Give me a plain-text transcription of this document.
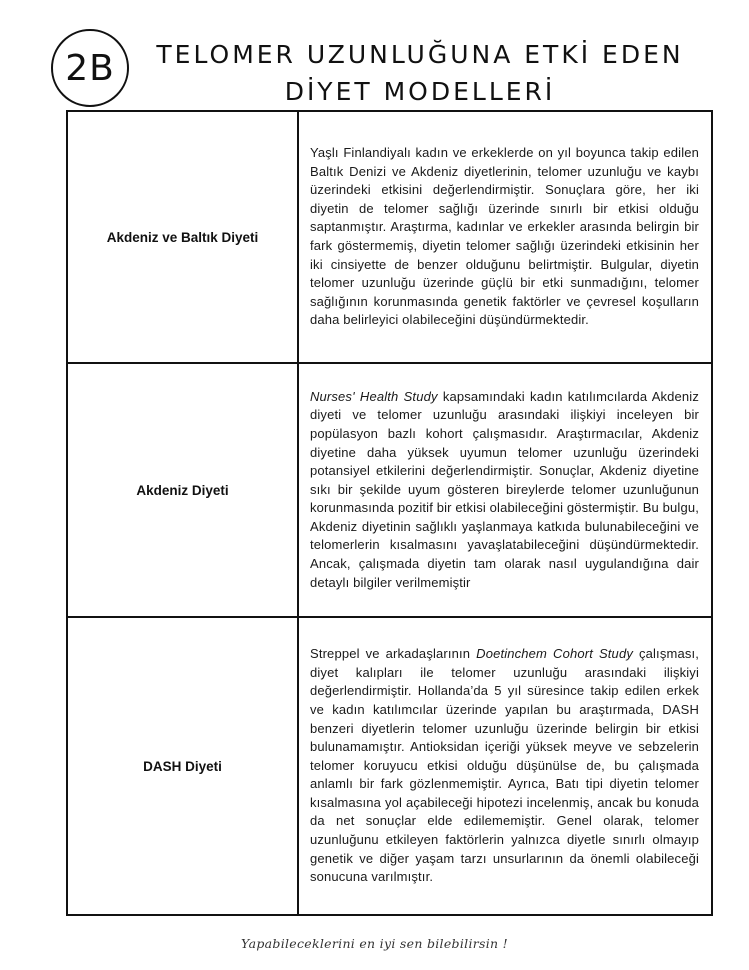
2B	TELOMER UZUNLUĞUNA ETKİ EDEN
DİYET MODELLERİ
Akdeniz ve Baltık Diyeti	Yaşlı Finlandiyalı kadın ve erkeklerde on yıl boyunca takip edilen Baltık Denizi ve Akdeniz diyetlerinin, telomer uzunluğu ve kaybı üzerindeki etkisini değerlendirmiştir. Sonuçlara göre, her iki diyetin de telomer sağlığı üzerinde sınırlı bir etkisi olduğu saptanmıştır. Araştırma, kadınlar ve erkekler arasında belirgin bir fark göstermemiş, diyetin telomer sağlığı üzerindeki etkisinin her iki cinsiyette de benzer olduğunu belirtmiştir. Bulgular, diyetin telomer uzunluğu üzerinde güçlü bir etki sunmadığını, telomer sağlığının korunmasında genetik faktörler ve çevresel koşulların daha belirleyici olabileceğini düşündürmektedir.

Akdeniz Diyeti	Nurses' Health Study kapsamındaki kadın katılımcılarda Akdeniz diyeti ve telomer uzunluğu arasındaki ilişkiyi inceleyen bir popülasyon bazlı kohort çalışmasıdır. Araştırmacılar, Akdeniz diyetine daha yüksek uyumun telomer uzunluğu üzerindeki potansiyel etkilerini değerlendirmiştir. Sonuçlar, Akdeniz diyetine sıkı bir şekilde uyum gösteren bireylerde telomer uzunluğunun korunmasında pozitif bir etkisi olabileceğini göstermiştir. Bu bulgu, Akdeniz diyetinin sağlıklı yaşlanmaya katkıda bulunabileceğini ve telomerlerin kısalmasını yavaşlatabileceğini düşündürmektedir. Ancak, çalışmada diyetin tam olarak nasıl uygulandığına dair detaylı bilgiler verilmemiştir

DASH Diyeti	Streppel ve arkadaşlarının Doetinchem Cohort Study çalışması, diyet kalıpları ile telomer uzunluğu arasındaki ilişkiyi değerlendirmiştir. Hollanda’da 5 yıl süresince takip edilen erkek ve kadın katılımcılar üzerinde yapılan bu araştırmada, DASH benzeri diyetlerin telomer uzunluğu üzerinde belirgin bir etkisi bulunamamıştır. Antioksidan içeriği yüksek meyve ve sebzelerin telomer koruyucu etkisi olduğu düşünülse de, bu çalışmada anlamlı bir fark gözlenmemiştir. Ayrıca, Batı tipi diyetin telomer kısalmasına yol açabileceği hipotezi incelenmiş, ancak bu konuda da net sonuçlar elde edilememiştir. Genel olarak, telomer uzunluğunu etkileyen faktörlerin yalnızca diyetle sınırlı olmayıp genetik ve diğer yaşam tarzı unsurlarının da önemli olabileceği sonucuna varılmıştır.

Yapabileceklerini en iyi sen bilebilirsin !
